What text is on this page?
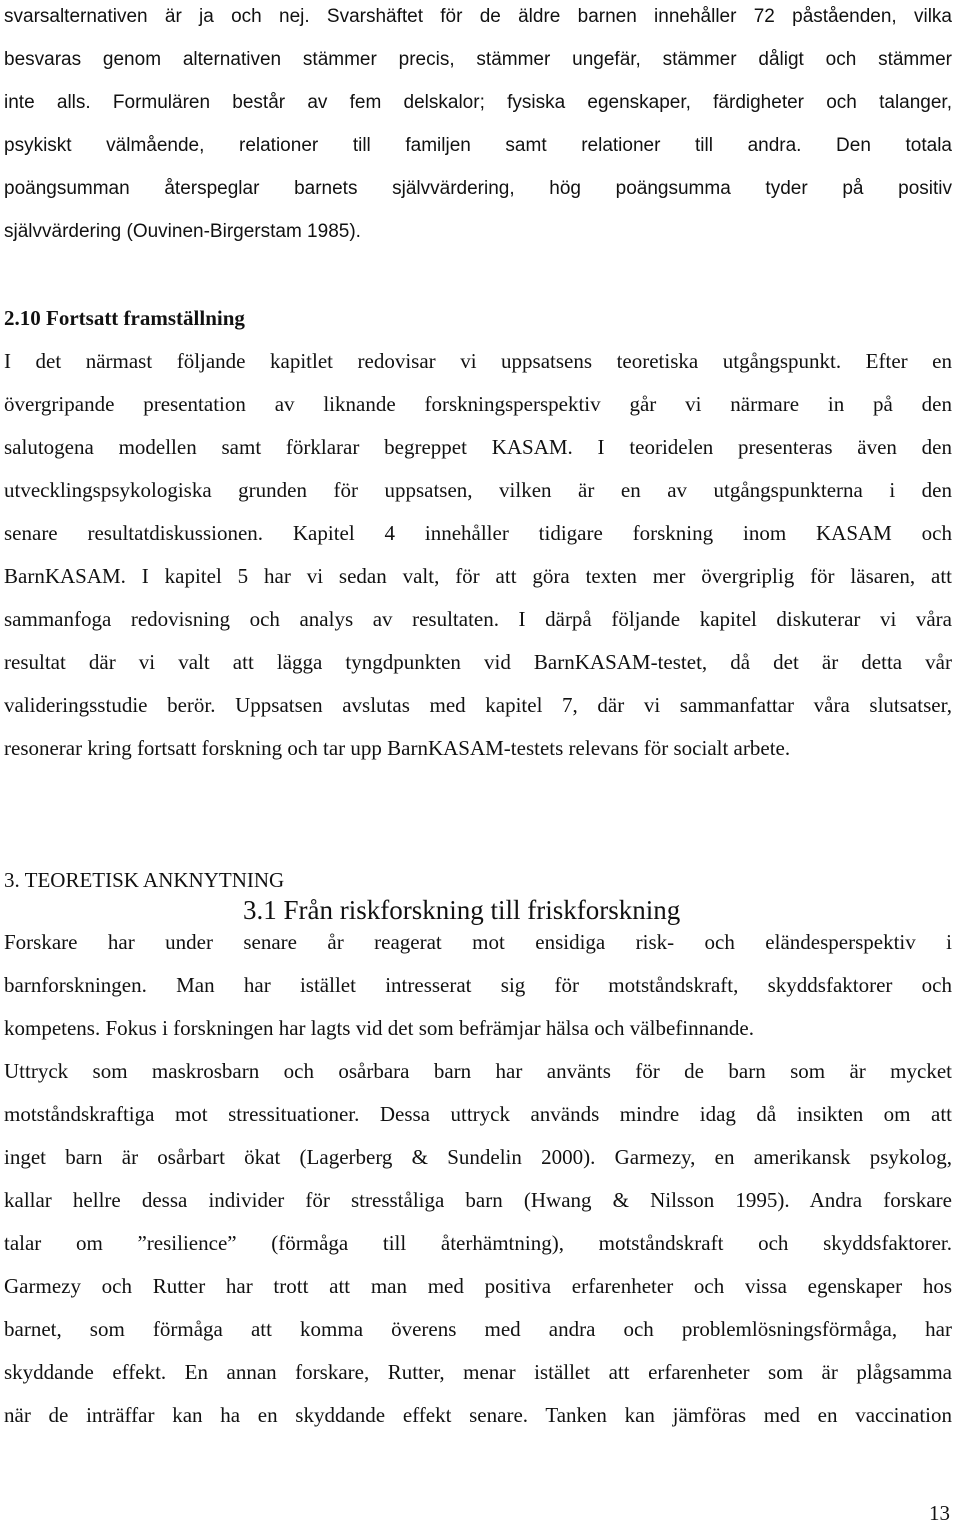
svarsalternativen är ja och nej. Svarshäftet för de äldre barnen innehåller 72 påståenden, vilka
besvaras genom alternativen stämmer precis, stämmer ungefär, stämmer dåligt och stämmer
inte alls. Formulären består av fem delskalor; fysiska egenskaper, färdigheter och talanger,
psykiskt välmående, relationer till familjen samt relationer till andra. Den totala
poängsumman återspeglar barnets självvärdering, hög poängsumma tyder på positiv
självvärdering (Ouvinen-Birgerstam 1985).
2.10 Fortsatt framställning
I det närmast följande kapitlet redovisar vi uppsatsens teoretiska utgångspunkt. Efter en
övergripande presentation av liknande forskningsperspektiv går vi närmare in på den
salutogena modellen samt förklarar begreppet KASAM. I teoridelen presenteras även den
utvecklingspsykologiska grunden för uppsatsen, vilken är en av utgångspunkterna i den
senare resultatdiskussionen. Kapitel 4 innehåller tidigare forskning inom KASAM och
BarnKASAM. I kapitel 5 har vi sedan valt, för att göra texten mer övergriplig för läsaren, att
sammanfoga redovisning och analys av resultaten. I därpå följande kapitel diskuterar vi våra
resultat där vi valt att lägga tyngdpunkten vid BarnKASAM-testet, då det är detta vår
valideringsstudie berör. Uppsatsen avslutas med kapitel 7, där vi sammanfattar våra slutsatser,
resonerar kring fortsatt forskning och tar upp BarnKASAM-testets relevans för socialt arbete.
3. TEORETISK ANKNYTNING
3.1 Från riskforskning till friskforskning
Forskare har under senare år reagerat mot ensidiga risk- och eländesperspektiv i
barnforskningen. Man har istället intresserat sig för motståndskraft, skyddsfaktorer och
kompetens. Fokus i forskningen har lagts vid det som befrämjar hälsa och välbefinnande.
Uttryck som maskrosbarn och osårbara barn har använts för de barn som är mycket
motståndskraftiga mot stressituationer. Dessa uttryck används mindre idag då insikten om att
inget barn är osårbart ökat (Lagerberg & Sundelin 2000). Garmezy, en amerikansk psykolog,
kallar hellre dessa individer för stresståliga barn (Hwang & Nilsson 1995). Andra forskare
talar om ”resilience” (förmåga till återhämtning), motståndskraft och skyddsfaktorer.
Garmezy och Rutter har trott att man med positiva erfarenheter och vissa egenskaper hos
barnet, som förmåga att komma överens med andra och problemlösningsförmåga, har
skyddande effekt. En annan forskare, Rutter, menar istället att erfarenheter som är plågsamma
när de inträffar kan ha en skyddande effekt senare. Tanken kan jämföras med en vaccination
13
